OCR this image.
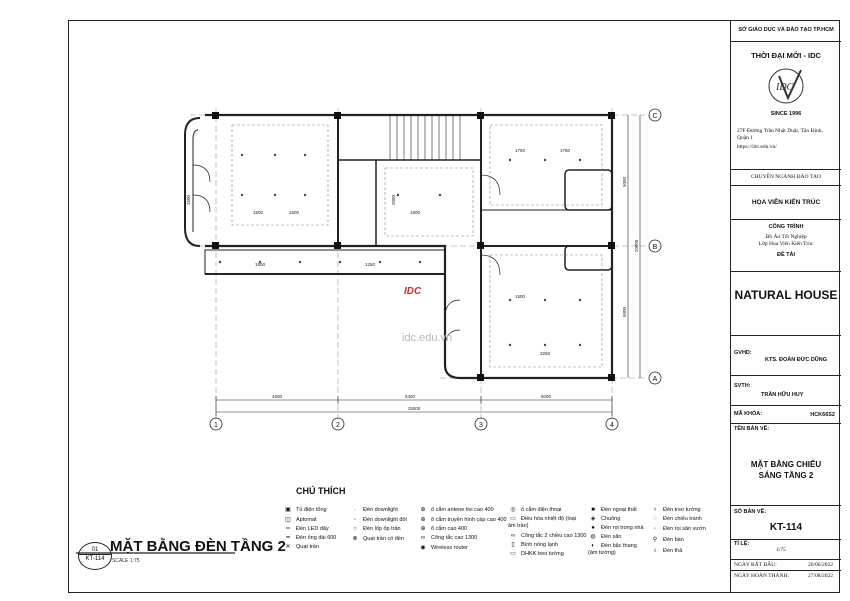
1	2	3	4
C
B
A
4600	5400	5000
15000
5000
5000
10000
1500	1500	1500
1750	1750
1250
1500
3250
1500
2000
1500
IDC
idc.edu.vn
CHÚ THÍCH
▣ Tủ điện tổng
◫ Aptomat
═ Đèn LED dây
━ Đèn ống dài 600
✕ Quạt trần
· Đèn downlight
◦ Đèn downlight đôi
○ Đèn lốp ốp trần
⊗ Quạt trần có đèn
⊕ ổ cắm antene tivi cao 400
⊕ ổ cắm truyền hình cáp cao 400
⊕ ổ cắm cao 400
∞ Công tắc cao 1300
◉ Wireless router
◎ ổ cắm điện thoại
▭ Điều hòa nhiệt độ (loại âm trần)
∞ Công tắc 2 chiều cao 1300
▯ Bình nóng lạnh
▭ DHKK treo tường
■ Đèn ngoại thất
◈ Chuông
● Đèn rọi trong nhà
◍ Đèn sân
◐ Đèn bậc thang (âm tường)
♀ Đèn treo tường
◌ Đèn chiếu tranh
◦ Đèn rọi sân vườn
⚲ Đèn bàn
♁ Đèn thả
01
KT-114
MẶT BẰNG ĐÈN TẦNG 2
SCALE 1:75
SỞ GIÁO DỤC VÀ ĐÀO TẠO TP.HCM
THỜI ĐẠI MỚI - IDC
IDC
SINCE 1996
27F Đường Trần Nhật Duật, Tân Định, Quận 1
https://idc.edu.vn/
CHUYÊN NGÀNH ĐÀO TẠO
HỌA VIÊN KIẾN TRÚC
CÔNG TRÌNH
Đồ Án Tốt Nghiệp
Lớp Họa Viên Kiến Trúc
ĐỀ TÀI
NATURAL HOUSE
GVHD:
KTS. ĐOÀN ĐỨC DŨNG
SVTH:
TRẦN HỮU HUY
MÃ KHÓA:	HCK66S2
TÊN BẢN VẼ:
MẶT BẰNG CHIẾU SÁNG TẦNG 2
SỐ BẢN VẼ:
KT-114
TỈ LỆ:
1/75
NGÀY BẮT ĐẦU:	20/06/2022
NGÀY HOÀN THÀNH:	27/08/2022
